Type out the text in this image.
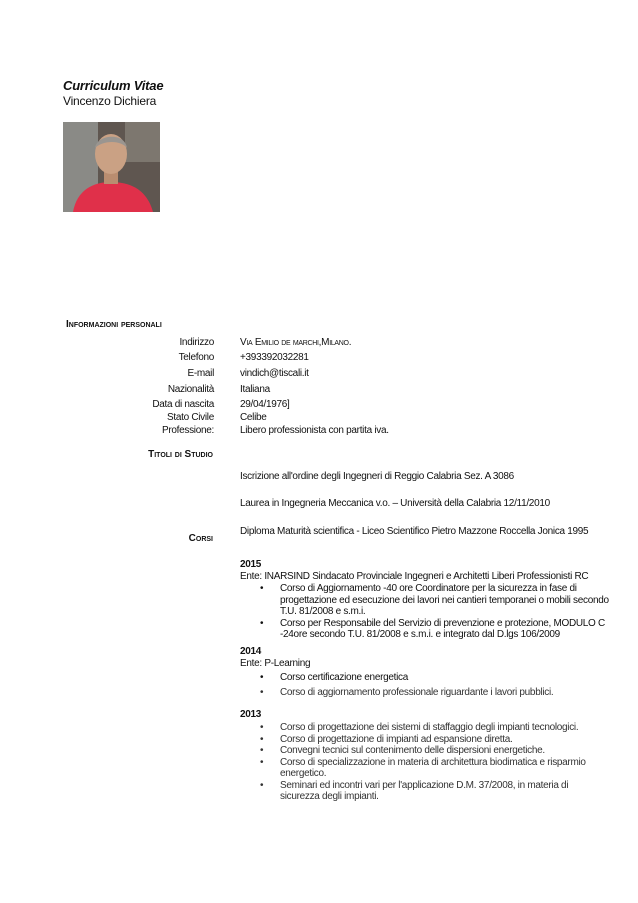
Curriculum Vitae
Vincenzo Dichiera
Informazioni personali
Indirizzo	Via Emilio de marchi,Milano.
Telefono	+393392032281
E-mail	vindich@tiscali.it
Nazionalità	Italiana
Data di nascita	29/04/1976]
Stato Civile	Celibe
Professione:	Libero professionista con partita iva.
Titoli di Studio
Iscrizione all'ordine degli Ingegneri di Reggio Calabria Sez. A 3086
Laurea in Ingegneria Meccanica v.o. – Università della Calabria 12/11/2010
Diploma Maturità scientifica - Liceo Scientifico Pietro Mazzone Roccella Jonica 1995
Corsi
2015
Ente: INARSIND Sindacato Provinciale Ingegneri e Architetti Liberi Professionisti RC
• Corso di Aggiornamento -40 ore Coordinatore per la sicurezza in fase di progettazione ed esecuzione dei lavori nei cantieri temporanei o mobili secondo T.U. 81/2008 e s.m.i.
• Corso per Responsabile del Servizio di prevenzione e protezione, MODULO C -24ore secondo T.U. 81/2008 e s.m.i. e integrato dal D.lgs 106/2009
2014
Ente: P-Learning
• Corso certificazione energetica
• Corso di aggiornamento professionale riguardante i lavori pubblici.
2013
• Corso di progettazione dei sistemi di staffaggio degli impianti tecnologici.
• Corso di progettazione di impianti ad espansione diretta.
• Convegni tecnici sul contenimento delle dispersioni energetiche.
• Corso di specializzazione in materia di architettura biodimatica e risparmio energetico.
• Seminari ed incontri vari per l'applicazione D.M. 37/2008, in materia di sicurezza degli impianti.
